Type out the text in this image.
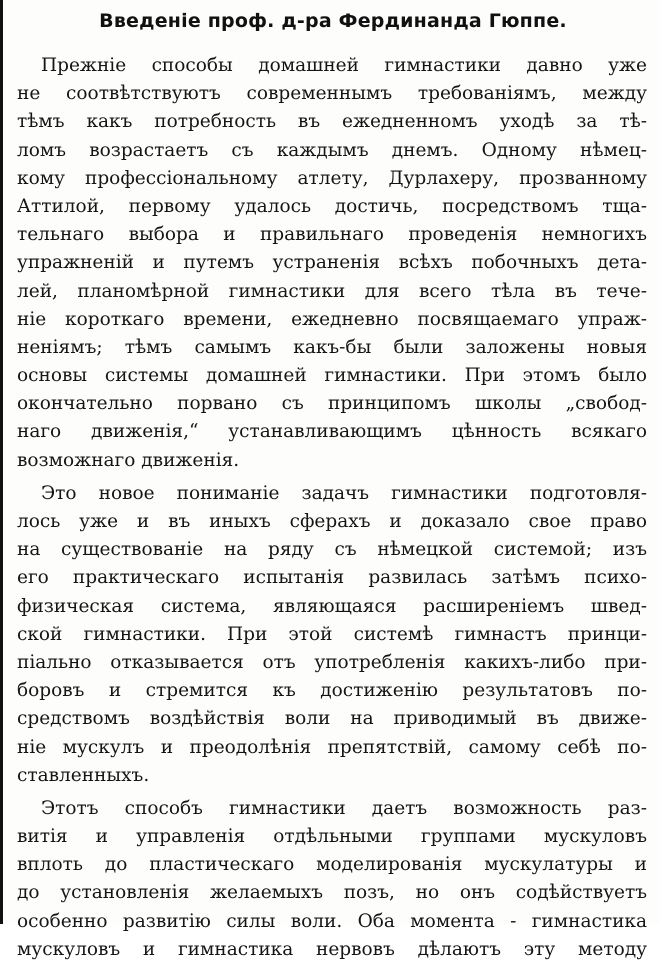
Введеніе проф. д-ра Фердинанда Гюппе.
Прежніе способы домашней гимнастики давно уже
не соотвѣтствуютъ современнымъ требованіямъ, между
тѣмъ какъ потребность въ ежедненномъ уходѣ за тѣ-
ломъ возрастаетъ съ каждымъ днемъ. Одному нѣмец-
кому профессіональному атлету, Дурлахеру, прозванному
Аттилой, первому удалось достичь, посредствомъ тща-
тельнаго выбора и правильнаго проведенія немногихъ
упражненій и путемъ устраненія всѣхъ побочныхъ дета-
лей, планомѣрной гимнастики для всего тѣла въ тече-
ніе короткаго времени, ежедневно посвящаемаго упраж-
неніямъ; тѣмъ самымъ какъ-бы были заложены новыя
основы системы домашней гимнастики. При этомъ было
окончательно порвано съ принципомъ школы „свобод-
наго движенія,“ устанавливающимъ цѣнность всякаго
возможнаго движенія.
Это новое пониманіе задачъ гимнастики подготовля-
лось уже и въ иныхъ сферахъ и доказало свое право
на существованіе на ряду съ нѣмецкой системой; изъ
его практическаго испытанія развилась затѣмъ психо-
физическая система, являющаяся расширеніемъ швед-
ской гимнастики. При этой системѣ гимнастъ принци-
піально отказывается отъ употребленія какихъ-либо при-
боровъ и стремится къ достиженію результатовъ по-
средствомъ воздѣйствія воли на приводимый въ движе-
ніе мускулъ и преодолѣнія препятствій, самому себѣ по-
ставленныхъ.
Этотъ способъ гимнастики даетъ возможность раз-
витія и управленія отдѣльными группами мускуловъ
вплоть до пластическаго моделированія мускулатуры и
до установленія желаемыхъ позъ, но онъ содѣйствуетъ
особенно развитію силы воли. Оба момента - гимнастика
мускуловъ и гимнастика нервовъ дѣлаютъ эту методу
